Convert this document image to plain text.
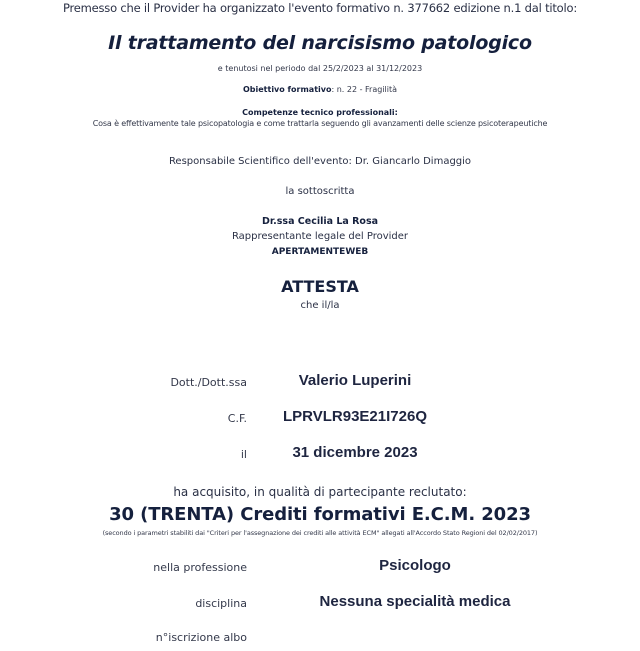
Premesso che il Provider ha organizzato l'evento formativo n. 377662 edizione n.1 dal titolo:
Il trattamento del narcisismo patologico
e tenutosi nel periodo dal 25/2/2023 al 31/12/2023
Obiettivo formativo: n. 22 - Fragilità
Competenze tecnico professionali:
Cosa è effettivamente tale psicopatologia e come trattarla seguendo gli avanzamenti delle scienze psicoterapeutiche
Responsabile Scientifico dell'evento: Dr. Giancarlo Dimaggio
la sottoscritta
Dr.ssa Cecilia La Rosa
Rappresentante legale del Provider
APERTAMENTEWEB
ATTESTA
che il/la
Dott./Dott.ssa	Valerio Luperini
C.F.	LPRVLR93E21I726Q
il	31 dicembre 2023
ha acquisito, in qualità di partecipante reclutato:
30 (TRENTA) Crediti formativi E.C.M. 2023
(secondo i parametri stabiliti dai "Criteri per l'assegnazione dei crediti alle attività ECM" allegati all'Accordo Stato Regioni del 02/02/2017)
nella professione	Psicologo
disciplina	Nessuna specialità medica
n°iscrizione albo
